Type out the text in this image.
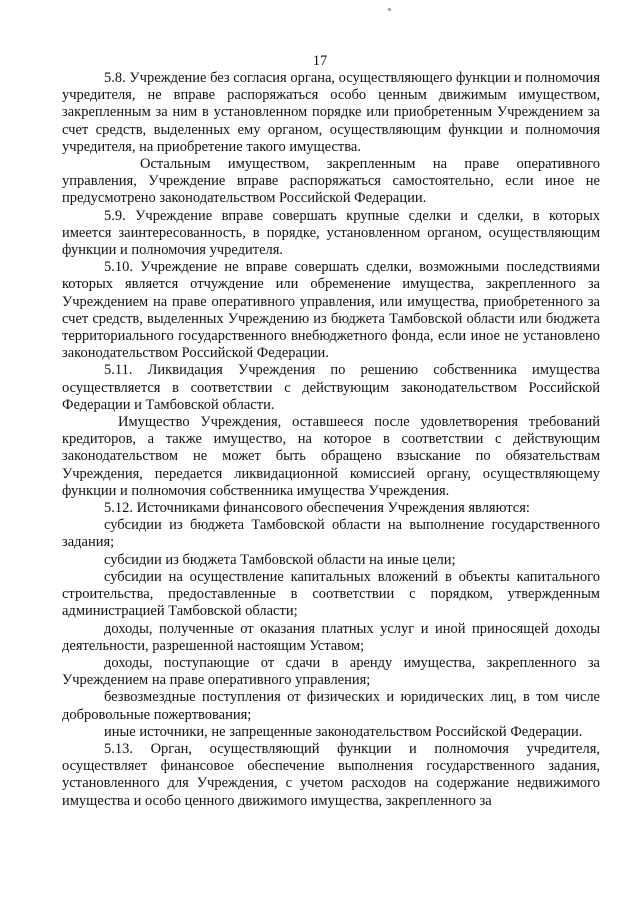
17

5.8. Учреждение без согласия органа, осуществляющего функции и полномочия учредителя, не вправе распоряжаться особо ценным движимым имуществом, закрепленным за ним в установленном порядке или приобретенным Учреждением за счет средств, выделенных ему органом, осуществляющим функции и полномочия учредителя, на приобретение такого имущества.

Остальным имуществом, закрепленным на праве оперативного управления, Учреждение вправе распоряжаться самостоятельно, если иное не предусмотрено законодательством Российской Федерации.

5.9. Учреждение вправе совершать крупные сделки и сделки, в которых имеется заинтересованность, в порядке, установленном органом, осуществляющим функции и полномочия учредителя.

5.10. Учреждение не вправе совершать сделки, возможными последствиями которых является отчуждение или обременение имущества, закрепленного за Учреждением на праве оперативного управления, или имущества, приобретенного за счет средств, выделенных Учреждению из бюджета Тамбовской области или бюджета территориального государственного внебюджетного фонда, если иное не установлено законодательством Российской Федерации.

5.11. Ликвидация Учреждения по решению собственника имущества осуществляется в соответствии с действующим законодательством Российской Федерации и Тамбовской области.

Имущество Учреждения, оставшееся после удовлетворения требований кредиторов, а также имущество, на которое в соответствии с действующим законодательством не может быть обращено взыскание по обязательствам Учреждения, передается ликвидационной комиссией органу, осуществляющему функции и полномочия собственника имущества Учреждения.

5.12. Источниками финансового обеспечения Учреждения являются:

субсидии из бюджета Тамбовской области на выполнение государственного задания;

субсидии из бюджета Тамбовской области на иные цели;

субсидии на осуществление капитальных вложений в объекты капитального строительства, предоставленные в соответствии с порядком, утвержденным администрацией Тамбовской области;

доходы, полученные от оказания платных услуг и иной приносящей доходы деятельности, разрешенной настоящим Уставом;

доходы, поступающие от сдачи в аренду имущества, закрепленного за Учреждением на праве оперативного управления;

безвозмездные поступления от физических и юридических лиц, в том числе добровольные пожертвования;

иные источники, не запрещенные законодательством Российской Федерации.

5.13. Орган, осуществляющий функции и полномочия учредителя, осуществляет финансовое обеспечение выполнения государственного задания, установленного для Учреждения, с учетом расходов на содержание недвижимого имущества и особо ценного движимого имущества, закрепленного за
